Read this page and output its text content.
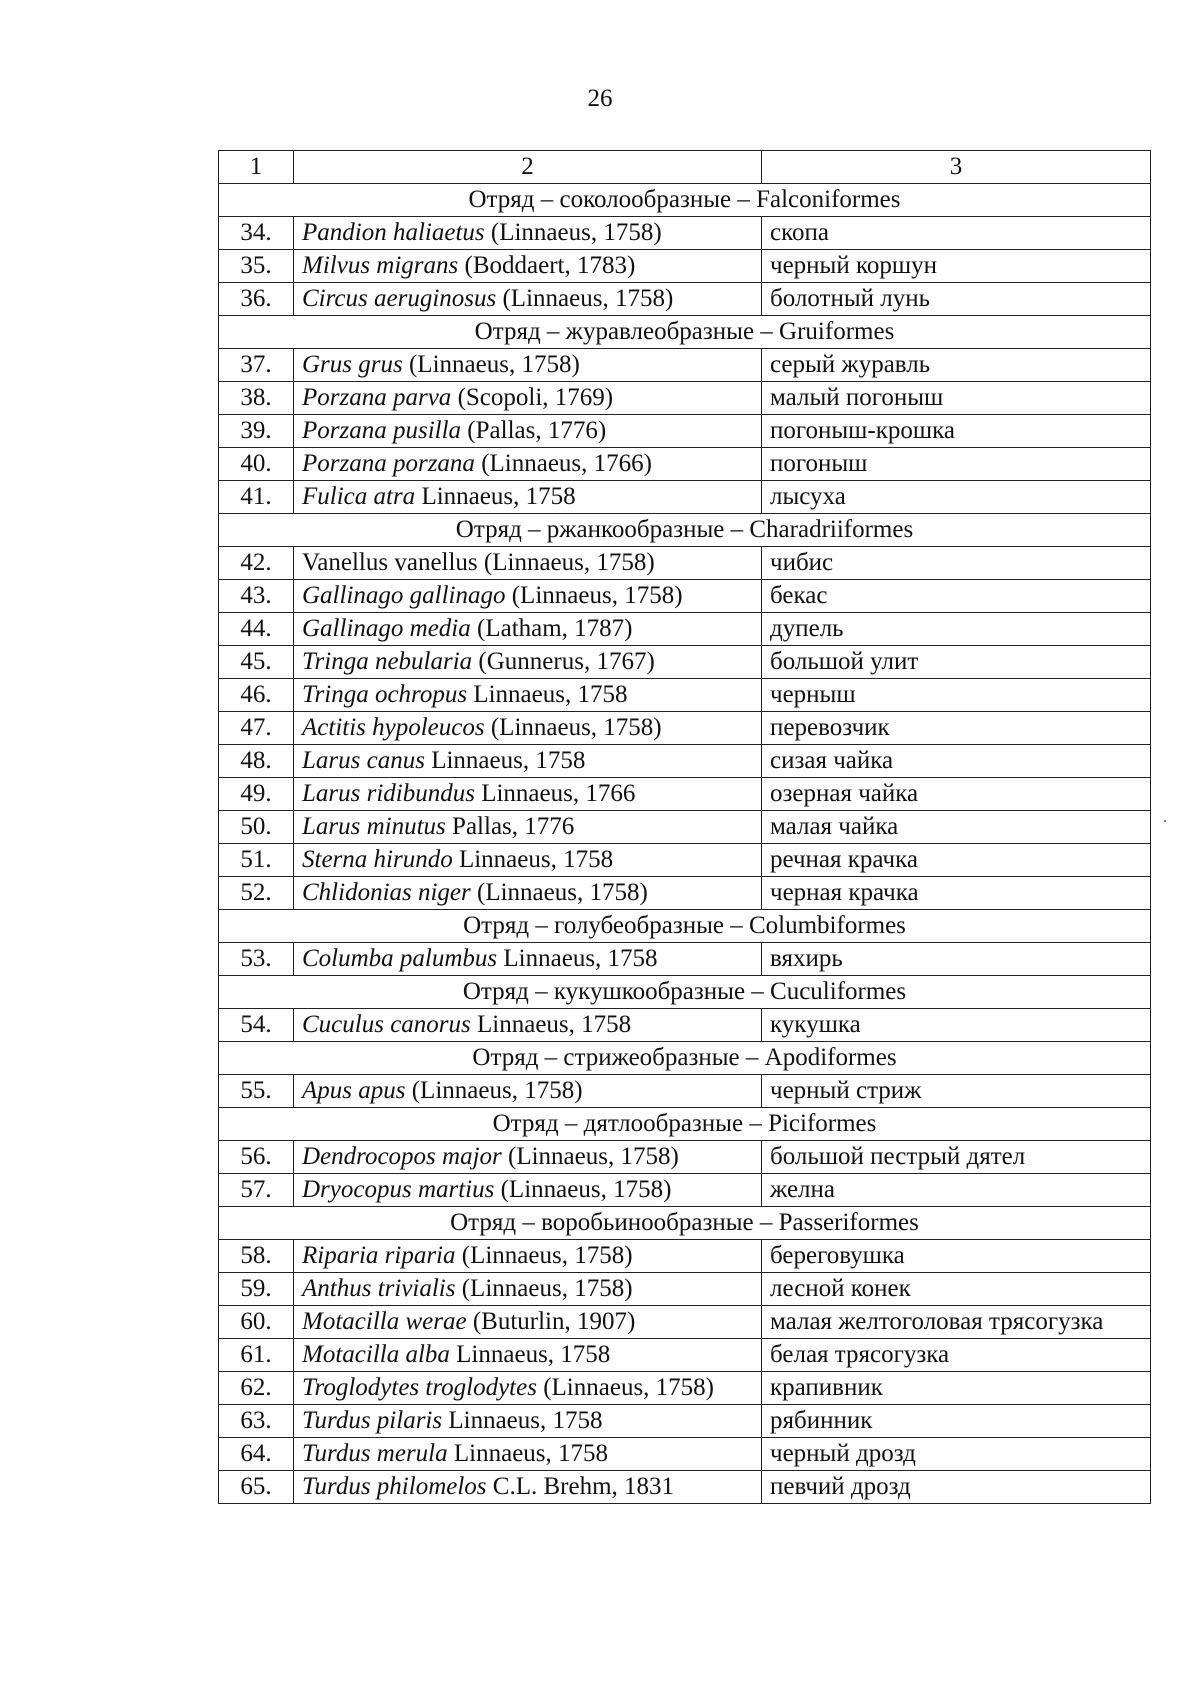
26
1	2	3
Отряд – соколообразные – Falconiformes		
34.	Pandion haliaetus (Linnaeus, 1758)	скопа
35.	Milvus migrans (Boddaert, 1783)	черный коршун
36.	Circus aeruginosus (Linnaeus, 1758)	болотный лунь
Отряд – журавлеобразные – Gruiformes		
37.	Grus grus (Linnaeus, 1758)	серый журавль
38.	Porzana parva (Scopoli, 1769)	малый погоныш
39.	Porzana pusilla (Pallas, 1776)	погоныш-крошка
40.	Porzana porzana (Linnaeus, 1766)	погоныш
41.	Fulica atra Linnaeus, 1758	лысуха
Отряд – ржанкообразные – Charadriiformes		
42.	Vanellus vanellus (Linnaeus, 1758)	чибис
43.	Gallinago gallinago (Linnaeus, 1758)	бекас
44.	Gallinago media (Latham, 1787)	дупель
45.	Tringa nebularia (Gunnerus, 1767)	большой улит
46.	Tringa ochropus Linnaeus, 1758	черныш
47.	Actitis hypoleucos (Linnaeus, 1758)	перевозчик
48.	Larus canus Linnaeus, 1758	сизая чайка
49.	Larus ridibundus Linnaeus, 1766	озерная чайка
50.	Larus minutus Pallas, 1776	малая чайка
51.	Sterna hirundo Linnaeus, 1758	речная крачка
52.	Chlidonias niger (Linnaeus, 1758)	черная крачка
Отряд – голубеобразные – Columbiformes		
53.	Columba palumbus Linnaeus, 1758	вяхирь
Отряд – кукушкообразные – Cuculiformes		
54.	Cuculus canorus Linnaeus, 1758	кукушка
Отряд – стрижеобразные – Apodiformes		
55.	Apus apus (Linnaeus, 1758)	черный стриж
Отряд – дятлообразные – Piciformes		
56.	Dendrocopos major (Linnaeus, 1758)	большой пестрый дятел
57.	Dryocopus martius (Linnaeus, 1758)	желна
Отряд – воробьинообразные – Passeriformes		
58.	Riparia riparia (Linnaeus, 1758)	береговушка
59.	Anthus trivialis (Linnaeus, 1758)	лесной конек
60.	Motacilla werae (Buturlin, 1907)	малая желтоголовая трясогузка
61.	Motacilla alba Linnaeus, 1758	белая трясогузка
62.	Troglodytes troglodytes (Linnaeus, 1758)	крапивник
63.	Turdus pilaris Linnaeus, 1758	рябинник
64.	Turdus merula Linnaeus, 1758	черный дрозд
65.	Turdus philomelos C.L. Brehm, 1831	певчий дрозд
